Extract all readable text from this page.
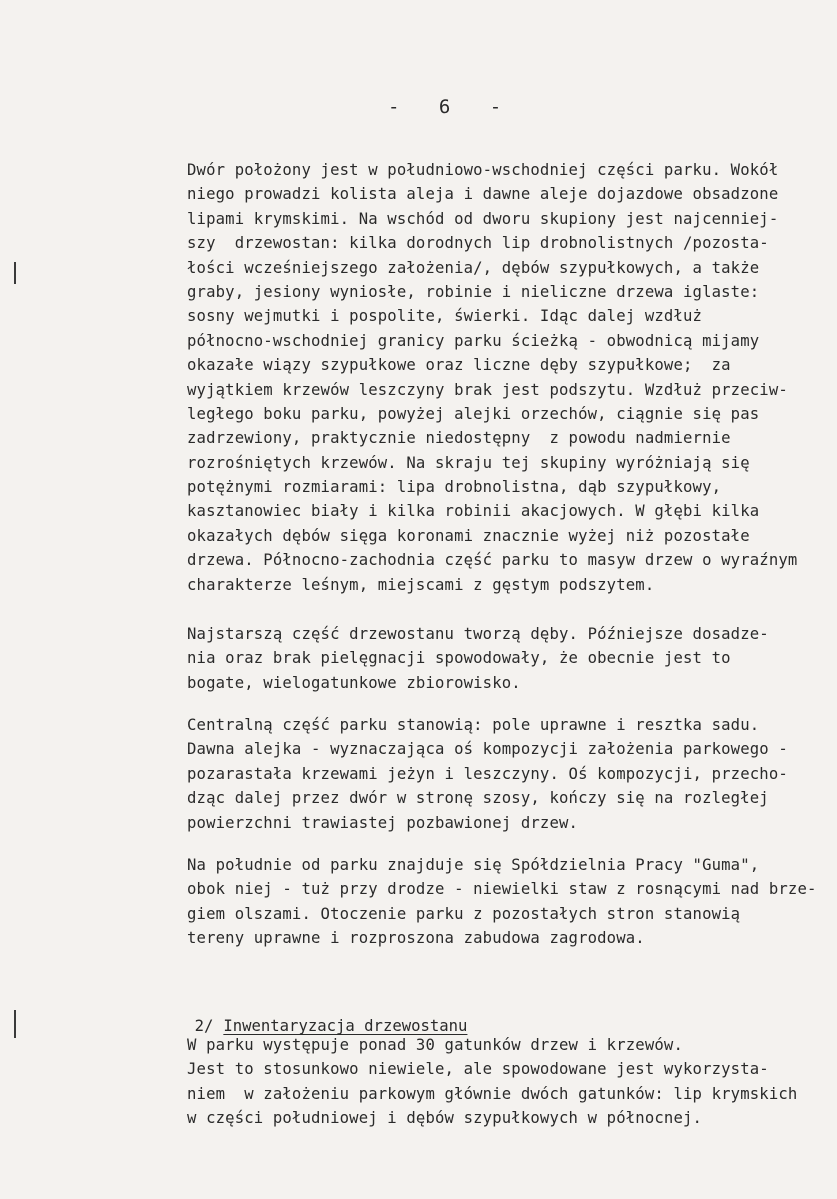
- 6 -
Dwór położony jest w południowo-wschodniej części parku. Wokół
niego prowadzi kolista aleja i dawne aleje dojazdowe obsadzone
lipami krymskimi. Na wschód od dworu skupiony jest najcenniej-
szy  drzewostan: kilka dorodnych lip drobnolistnych /pozosta-
łości wcześniejszego założenia/, dębów szypułkowych, a także
graby, jesiony wyniosłe, robinie i nieliczne drzewa iglaste:
sosny wejmutki i pospolite, świerki. Idąc dalej wzdłuż
północno-wschodniej granicy parku ścieżką - obwodnicą mijamy
okazałe wiązy szypułkowe oraz liczne dęby szypułkowe;  za
wyjątkiem krzewów leszczyny brak jest podszytu. Wzdłuż przeciw-
ległego boku parku, powyżej alejki orzechów, ciągnie się pas
zadrzewiony, praktycznie niedostępny  z powodu nadmiernie
rozrośniętych krzewów. Na skraju tej skupiny wyróżniają się
potężnymi rozmiarami: lipa drobnolistna, dąb szypułkowy,
kasztanowiec biały i kilka robinii akacjowych. W głębi kilka
okazałych dębów sięga koronami znacznie wyżej niż pozostałe
drzewa. Północno-zachodnia część parku to masyw drzew o wyraźnym
charakterze leśnym, miejscami z gęstym podszytem.
Najstarszą część drzewostanu tworzą dęby. Późniejsze dosadze-
nia oraz brak pielęgnacji spowodowały, że obecnie jest to
bogate, wielogatunkowe zbiorowisko.
Centralną część parku stanowią: pole uprawne i resztka sadu.
Dawna alejka - wyznaczająca oś kompozycji założenia parkowego -
pozarastała krzewami jeżyn i leszczyny. Oś kompozycji, przecho-
dząc dalej przez dwór w stronę szosy, kończy się na rozległej
powierzchni trawiastej pozbawionej drzew.
Na południe od parku znajduje się Spółdzielnia Pracy "Guma",
obok niej - tuż przy drodze - niewielki staw z rosnącymi nad brze-
giem olszami. Otoczenie parku z pozostałych stron stanowią
tereny uprawne i rozproszona zabudowa zagrodowa.

2/ Inwentaryzacja drzewostanu

W parku występuje ponad 30 gatunków drzew i krzewów.
Jest to stosunkowo niewiele, ale spowodowane jest wykorzysta-
niem  w założeniu parkowym głównie dwóch gatunków: lip krymskich
w części południowej i dębów szypułkowych w północnej.
